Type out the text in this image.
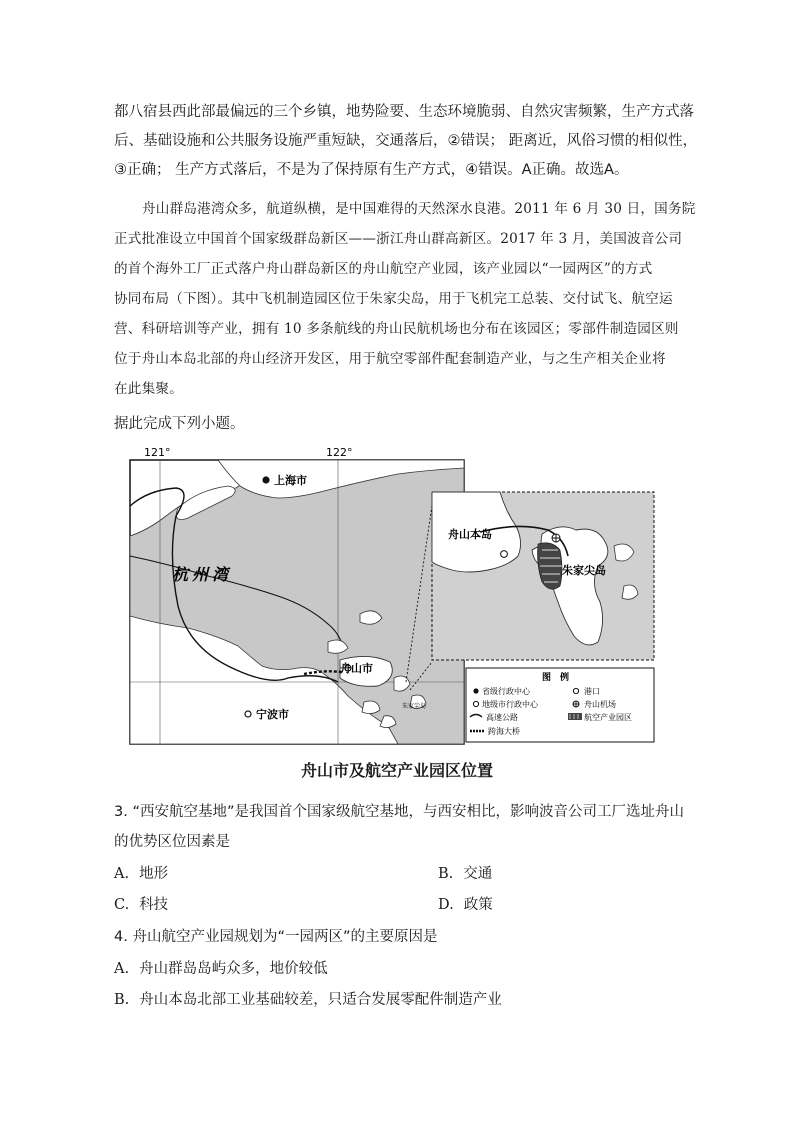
都八宿县西此部最偏远的三个乡镇，地势险要、生态环境脆弱、自然灾害频繁，生产方式落
后、基础设施和公共服务设施严重短缺，交通落后，②错误； 距离近，风俗习惯的相似性，
③正确； 生产方式落后，不是为了保持原有生产方式，④错误。A正确。故选A。
舟山群岛港湾众多，航道纵横，是中国难得的天然深水良港。2011 年 6 月 30 日，国务院
正式批准设立中国首个国家级群岛新区——浙江舟山群高新区。2017 年 3 月，美国波音公司
的首个海外工厂正式落户舟山群岛新区的舟山航空产业园，该产业园以“一园两区”的方式
协同布局（下图）。其中飞机制造园区位于朱家尖岛，用于飞机完工总装、交付试飞、航空运
营、科研培训等产业，拥有 10 多条航线的舟山民航机场也分布在该园区；零部件制造园区则
位于舟山本岛北部的舟山经济开发区，用于航空零部件配套制造产业，与之生产相关企业将
在此集聚。

据此完成下列小题。

121°	122°
上海市
杭州湾
舟山市
宁波市
朱家尖岛
舟山本岛
朱家尖岛
图　例
省级行政中心
地级市行政中心
高速公路
跨海大桥
港口
舟山机场
航空产业园区

舟山市及航空产业园区位置

3. “西安航空基地”是我国首个国家级航空基地，与西安相比，影响波音公司工厂选址舟山

的优势区位因素是

A. 地形	B. 交通

C. 科技	D. 政策

4. 舟山航空产业园规划为“一园两区”的主要原因是

A. 舟山群岛岛屿众多，地价较低

B. 舟山本岛北部工业基础较差，只适合发展零配件制造产业
